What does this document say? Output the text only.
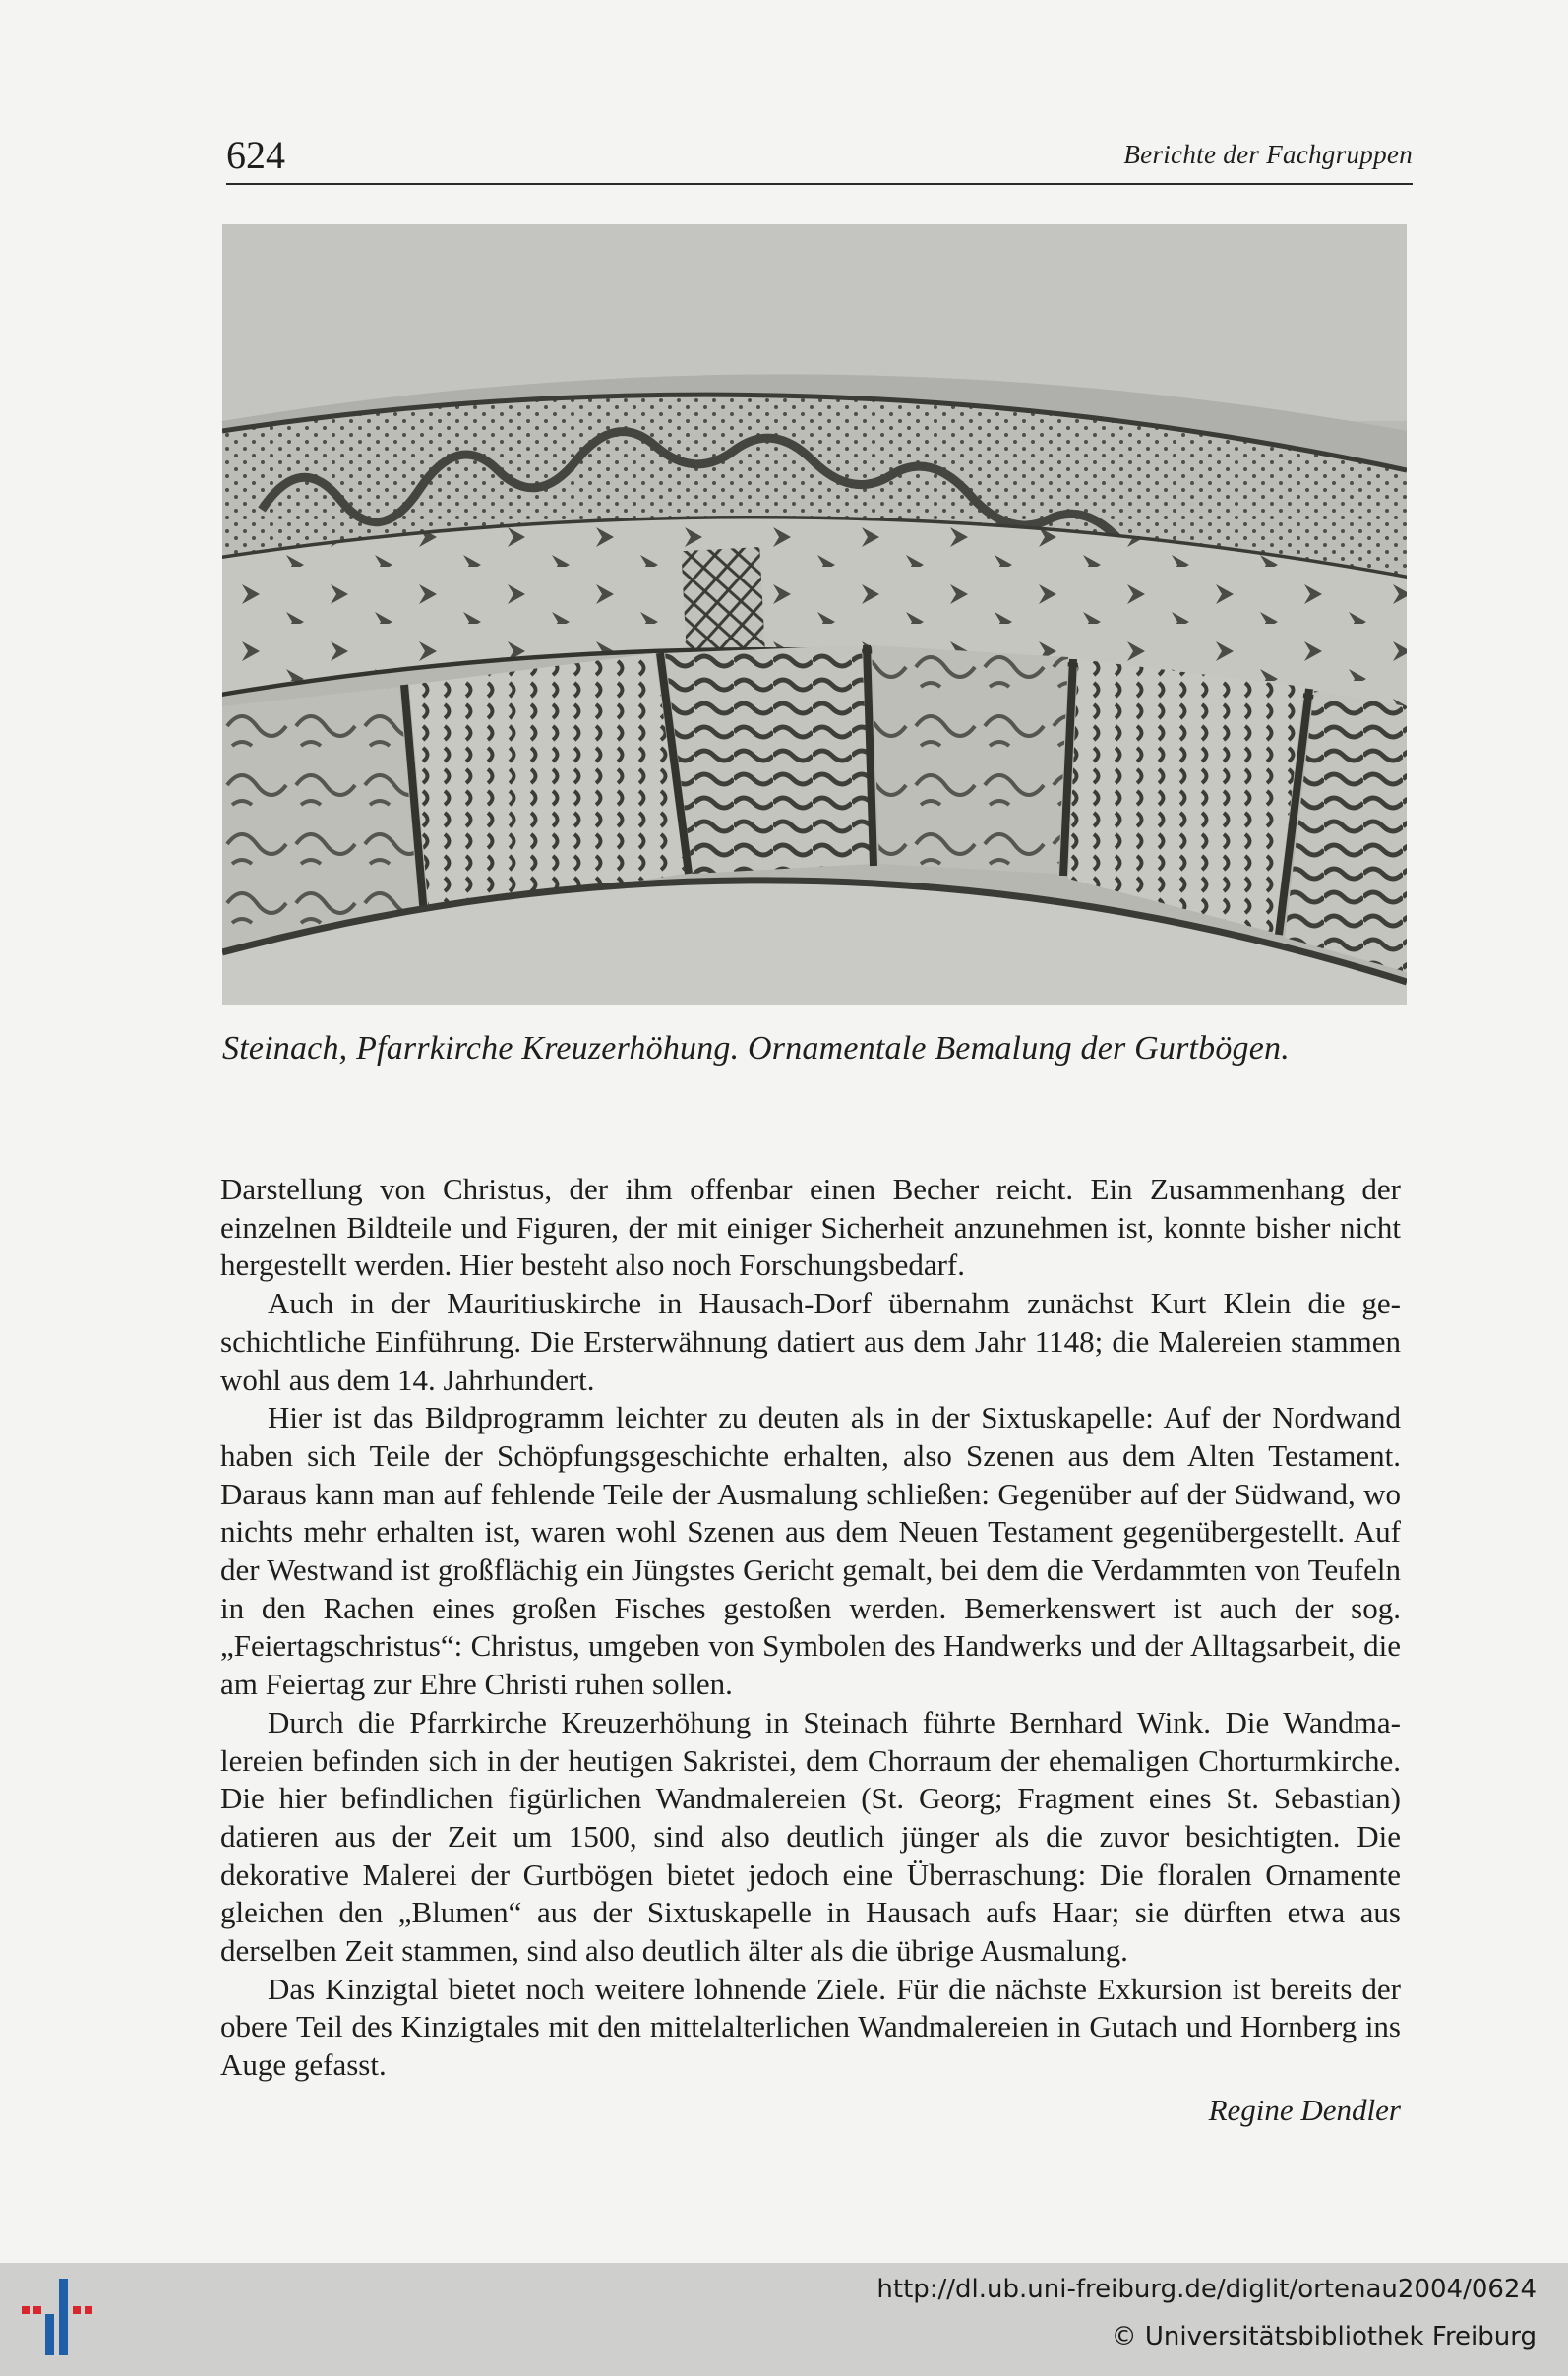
624	Berichte der Fachgruppen
Steinach, Pfarrkirche Kreuzerhöhung. Ornamentale Bemalung der Gurtbögen.

Darstellung von Christus, der ihm offenbar einen Becher reicht. Ein Zusammenhang der einzelnen Bildteile und Figuren, der mit einiger Sicherheit anzunehmen ist, konnte bisher nicht hergestellt werden. Hier besteht also noch Forschungsbedarf.

Auch in der Mauritiuskirche in Hausach-Dorf übernahm zunächst Kurt Klein die geschichtliche Einführung. Die Ersterwähnung datiert aus dem Jahr 1148; die Malereien stammen wohl aus dem 14. Jahrhundert.

Hier ist das Bildprogramm leichter zu deuten als in der Sixtuskapelle: Auf der Nordwand haben sich Teile der Schöpfungsgeschichte erhalten, also Szenen aus dem Alten Testament. Daraus kann man auf fehlende Teile der Ausmalung schließen: Gegenüber auf der Südwand, wo nichts mehr erhalten ist, waren wohl Szenen aus dem Neuen Testament gegenübergestellt. Auf der Westwand ist großflächig ein Jüngstes Gericht gemalt, bei dem die Verdammten von Teufeln in den Rachen eines großen Fisches gestoßen werden. Bemerkenswert ist auch der sog. „Feiertagschristus“: Christus, umgeben von Symbolen des Handwerks und der Alltagsarbeit, die am Feiertag zur Ehre Christi ruhen sollen.

Durch die Pfarrkirche Kreuzerhöhung in Steinach führte Bernhard Wink. Die Wandmalereien befinden sich in der heutigen Sakristei, dem Chorraum der ehemaligen Chorturmkirche. Die hier befindlichen figürlichen Wandmalereien (St. Georg; Fragment eines St. Sebastian) datieren aus der Zeit um 1500, sind also deutlich jünger als die zuvor besichtigten. Die dekorative Malerei der Gurtbögen bietet jedoch eine Überraschung: Die floralen Ornamente gleichen den „Blumen“ aus der Sixtuskapelle in Hausach aufs Haar; sie dürften etwa aus derselben Zeit stammen, sind also deutlich älter als die übrige Ausmalung.

Das Kinzigtal bietet noch weitere lohnende Ziele. Für die nächste Exkursion ist bereits der obere Teil des Kinzigtales mit den mittelalterlichen Wandmalereien in Gutach und Hornberg ins Auge gefasst.

Regine Dendler

http://dl.ub.uni-freiburg.de/diglit/ortenau2004/0624
© Universitätsbibliothek Freiburg
